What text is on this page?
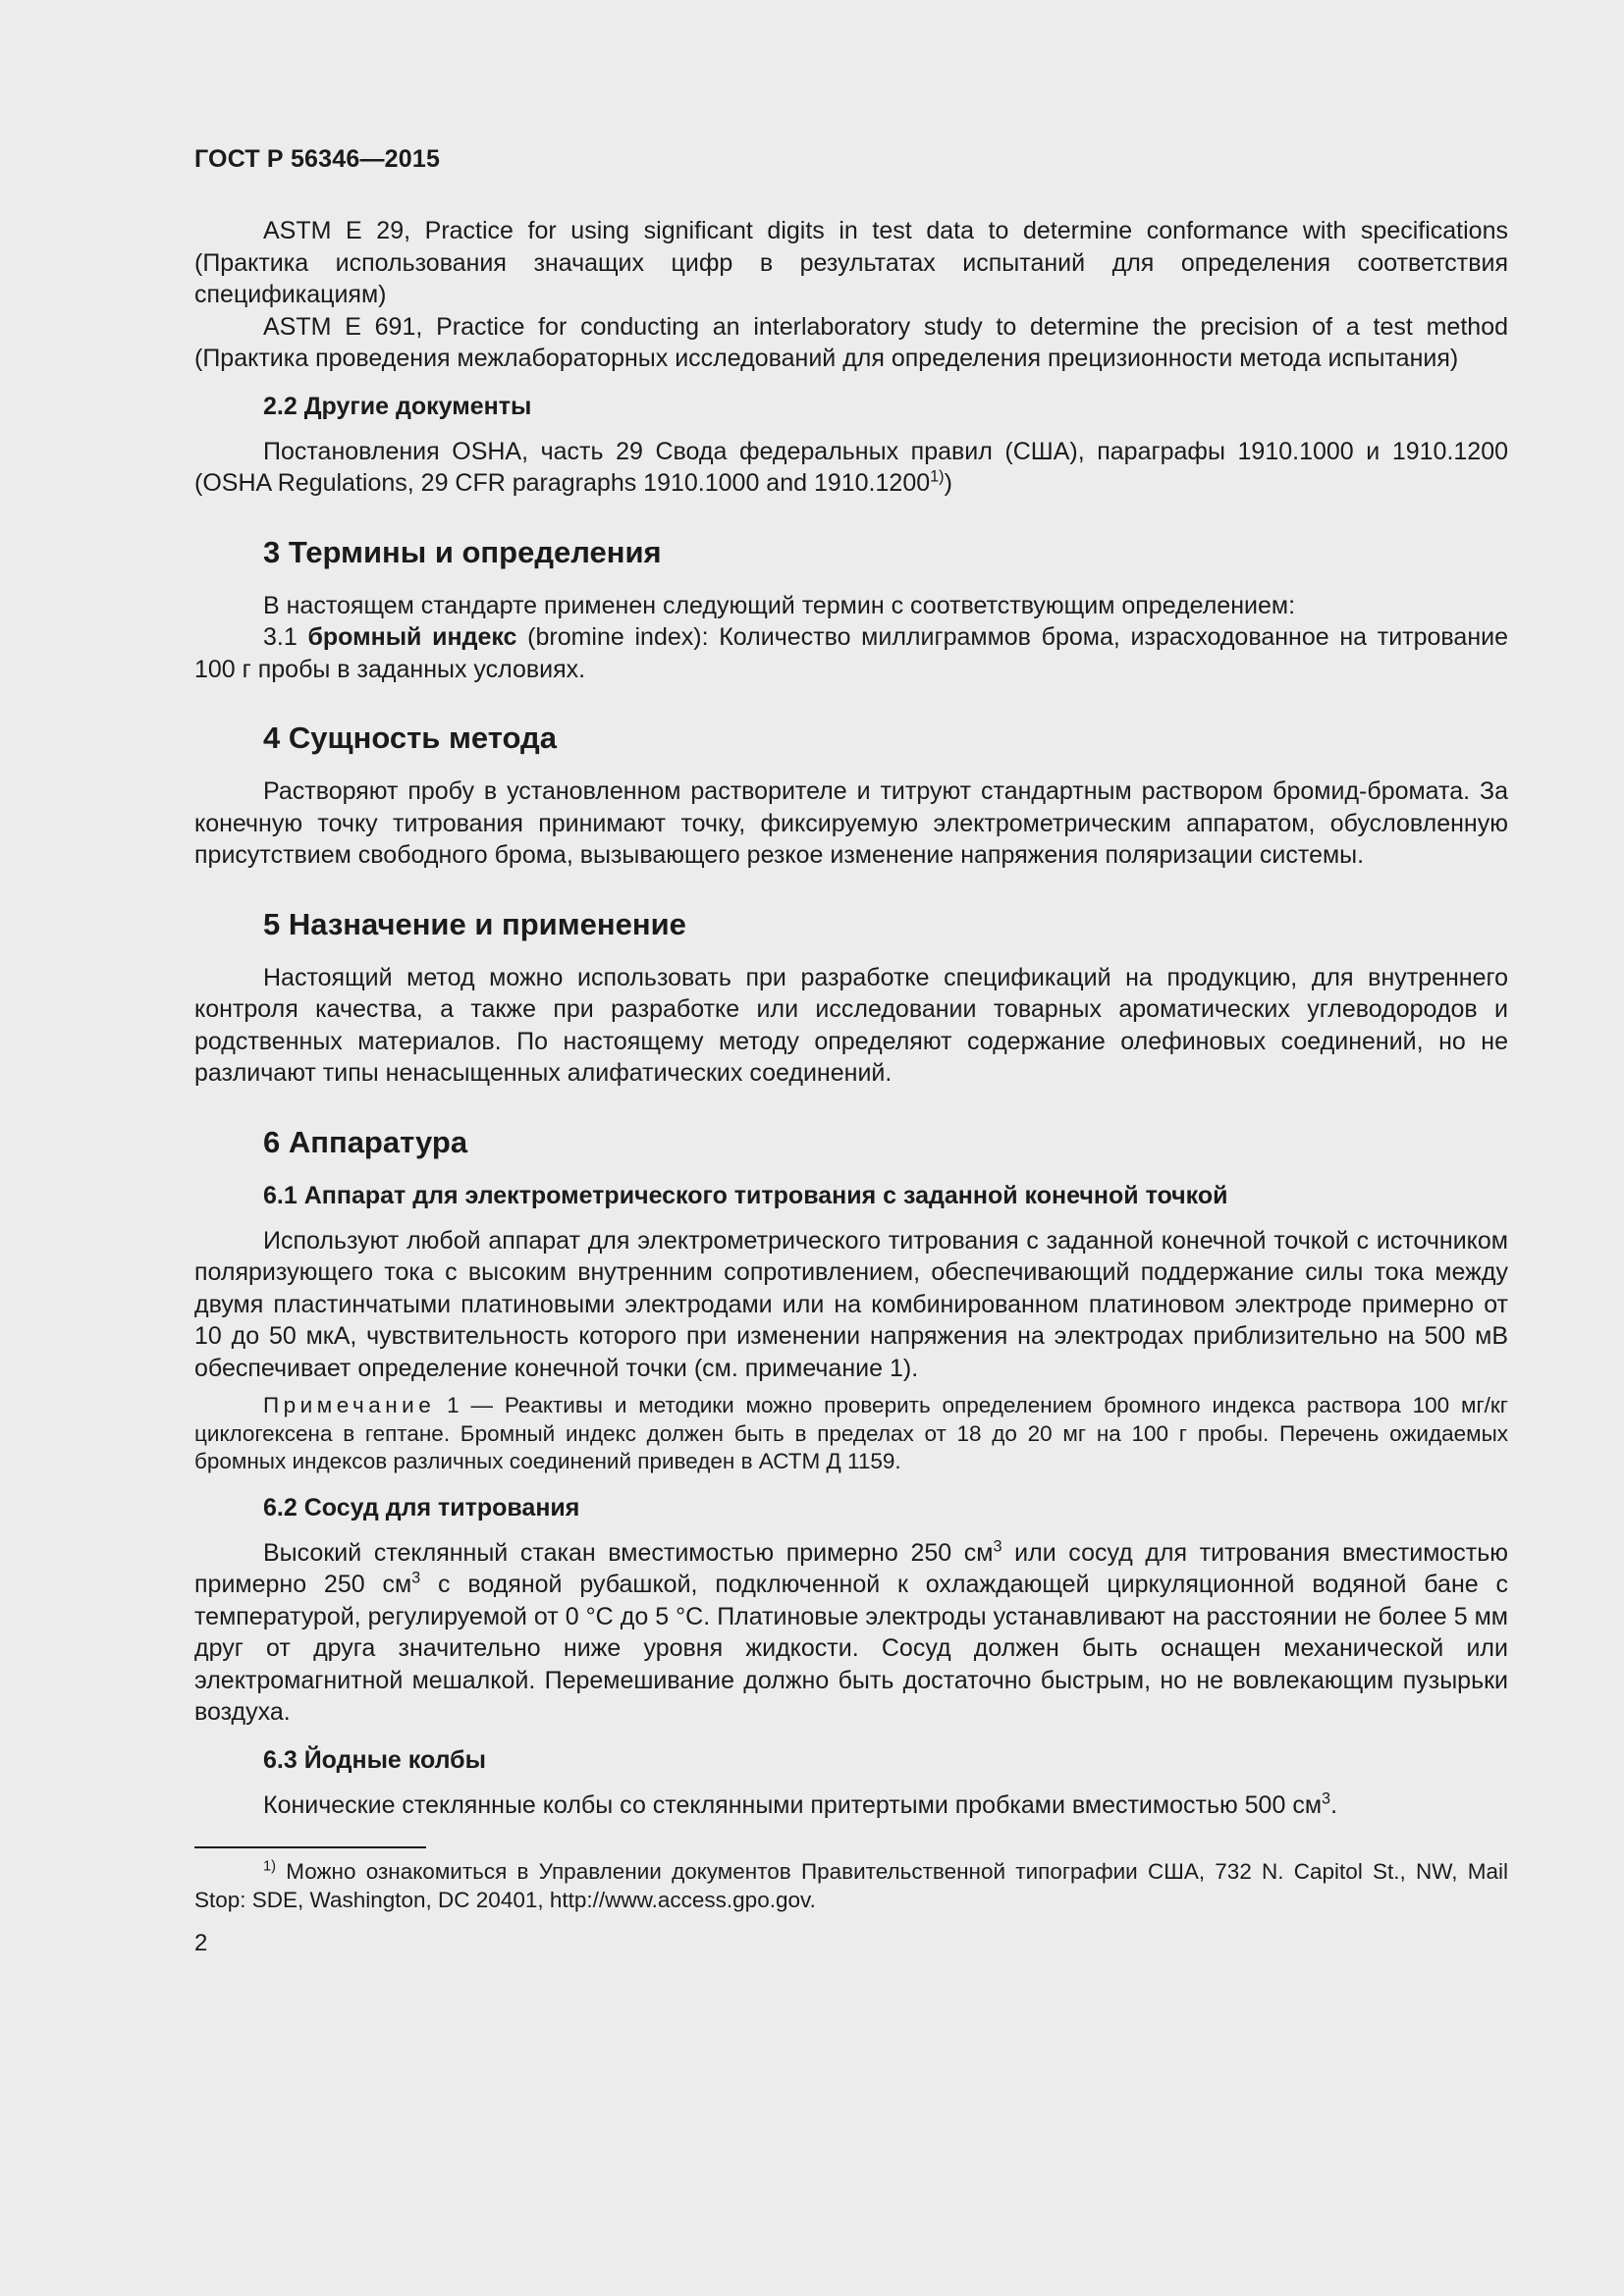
ГОСТ Р 56346—2015

ASTM E 29, Practice for using significant digits in test data to determine conformance with specifications (Практика использования значащих цифр в результатах испытаний для определения соответствия спецификациям)

ASTM E 691, Practice for conducting an interlaboratory study to determine the precision of a test method (Практика проведения межлабораторных исследований для определения прецизионности метода испытания)

2.2 Другие документы

Постановления OSHA, часть 29 Свода федеральных правил (США), параграфы 1910.1000 и 1910.1200 (OSHA Regulations, 29 CFR paragraphs 1910.1000 and 1910.1200$^{1)}$)

3 Термины и определения

В настоящем стандарте применен следующий термин с соответствующим определением:

3.1 бромный индекс (bromine index): Количество миллиграммов брома, израсходованное на титрование 100 г пробы в заданных условиях.

4 Сущность метода

Растворяют пробу в установленном растворителе и титруют стандартным раствором бромид-бромата. За конечную точку титрования принимают точку, фиксируемую электрометрическим аппаратом, обусловленную присутствием свободного брома, вызывающего резкое изменение напряжения поляризации системы.

5 Назначение и применение

Настоящий метод можно использовать при разработке спецификаций на продукцию, для внутреннего контроля качества, а также при разработке или исследовании товарных ароматических углеводородов и родственных материалов. По настоящему методу определяют содержание олефиновых соединений, но не различают типы ненасыщенных алифатических соединений.

6 Аппаратура
6.1 Аппарат для электрометрического титрования с заданной конечной точкой

Используют любой аппарат для электрометрического титрования с заданной конечной точкой с источником поляризующего тока с высоким внутренним сопротивлением, обеспечивающий поддержание силы тока между двумя пластинчатыми платиновыми электродами или на комбинированном платиновом электроде примерно от 10 до 50 мкА, чувствительность которого при изменении напряжения на электродах приблизительно на 500 мВ обеспечивает определение конечной точки (см. примечание 1).

Примечание 1 — Реактивы и методики можно проверить определением бромного индекса раствора 100 мг/кг циклогексена в гептане. Бромный индекс должен быть в пределах от 18 до 20 мг на 100 г пробы. Перечень ожидаемых бромных индексов различных соединений приведен в АСТМ Д 1159.
6.2 Сосуд для титрования

Высокий стеклянный стакан вместимостью примерно 250 $см^3$ или сосуд для титрования вместимостью примерно 250 $см^3$ с водяной рубашкой, подключенной к охлаждающей циркуляционной водяной бане с температурой, регулируемой от 0 °C до 5 °C. Платиновые электроды устанавливают на расстоянии не более 5 мм друг от друга значительно ниже уровня жидкости. Сосуд должен быть оснащен механической или электромагнитной мешалкой. Перемешивание должно быть достаточно быстрым, но не вовлекающим пузырьки воздуха.

6.3 Йодные колбы

Конические стеклянные колбы со стеклянными притертыми пробками вместимостью 500 $см^3$.

$^{1)}$ Можно ознакомиться в Управлении документов Правительственной типографии США, 732 N. Capitol St., NW, Mail Stop: SDE, Washington, DC 20401, http://www.access.gpo.gov.
2
